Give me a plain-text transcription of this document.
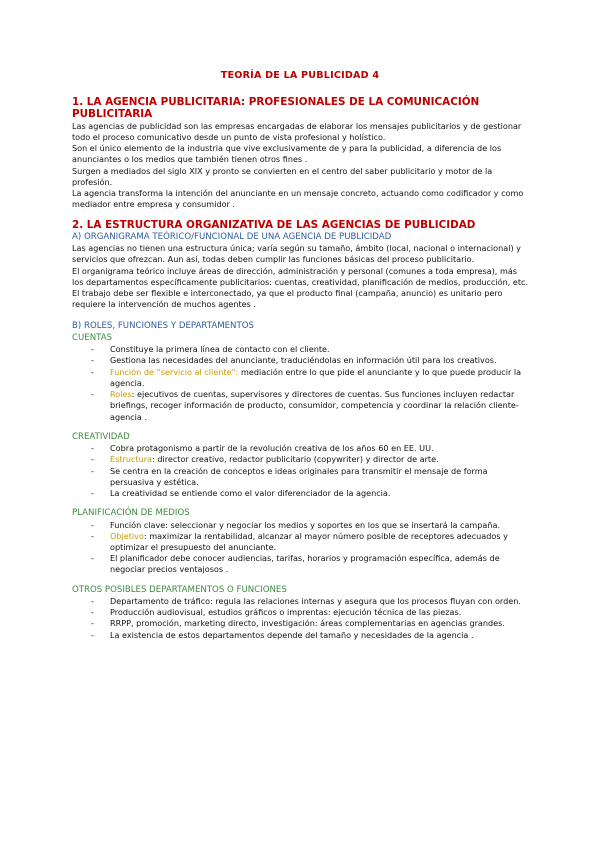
TEORÍA DE LA PUBLICIDAD 4
1. LA AGENCIA PUBLICITARIA: PROFESIONALES DE LA COMUNICACIÓN PUBLICITARIA

Las agencias de publicidad son las empresas encargadas de elaborar los mensajes publicitarios y de gestionar todo el proceso comunicativo desde un punto de vista profesional y holístico.

Son el único elemento de la industria que vive exclusivamente de y para la publicidad, a diferencia de los anunciantes o los medios que también tienen otros fines .

Surgen a mediados del siglo XIX y pronto se convierten en el centro del saber publicitario y motor de la profesión.

La agencia transforma la intención del anunciante en un mensaje concreto, actuando como codificador y como mediador entre empresa y consumidor .

2. LA ESTRUCTURA ORGANIZATIVA DE LAS AGENCIAS DE PUBLICIDAD

A) ORGANIGRAMA TEÓRICO/FUNCIONAL DE UNA AGENCIA DE PUBLICIDAD

Las agencias no tienen una estructura única; varía según su tamaño, ámbito (local, nacional o internacional) y servicios que ofrezcan. Aun así, todas deben cumplir las funciones básicas del proceso publicitario.

El organigrama teórico incluye áreas de dirección, administración y personal (comunes a toda empresa), más los departamentos específicamente publicitarios: cuentas, creatividad, planificación de medios, producción, etc.

El trabajo debe ser flexible e interconectado, ya que el producto final (campaña, anuncio) es unitario pero requiere la intervención de muchos agentes .

B) ROLES, FUNCIONES Y DEPARTAMENTOS

CUENTAS

- Constituye la primera línea de contacto con el cliente.
- Gestiona las necesidades del anunciante, traduciéndolas en información útil para los creativos.
- Función de “servicio al cliente”: mediación entre lo que pide el anunciante y lo que puede producir la agencia.
- Roles: ejecutivos de cuentas, supervisores y directores de cuentas. Sus funciones incluyen redactar briefings, recoger información de producto, consumidor, competencia y coordinar la relación cliente-agencia .

CREATIVIDAD

- Cobra protagonismo a partir de la revolución creativa de los años 60 en EE. UU.
- Estructura: director creativo, redactor publicitario (copywriter) y director de arte.
- Se centra en la creación de conceptos e ideas originales para transmitir el mensaje de forma persuasiva y estética.
- La creatividad se entiende como el valor diferenciador de la agencia.

PLANIFICACIÓN DE MEDIOS

- Función clave: seleccionar y negociar los medios y soportes en los que se insertará la campaña.
- Objetivo: maximizar la rentabilidad, alcanzar al mayor número posible de receptores adecuados y optimizar el presupuesto del anunciante.
- El planificador debe conocer audiencias, tarifas, horarios y programación específica, además de negociar precios ventajosos .

OTROS POSIBLES DEPARTAMENTOS O FUNCIONES

- Departamento de tráfico: regula las relaciones internas y asegura que los procesos fluyan con orden.
- Producción audiovisual, estudios gráficos o imprentas: ejecución técnica de las piezas.
- RRPP, promoción, marketing directo, investigación: áreas complementarias en agencias grandes.
- La existencia de estos departamentos depende del tamaño y necesidades de la agencia .
